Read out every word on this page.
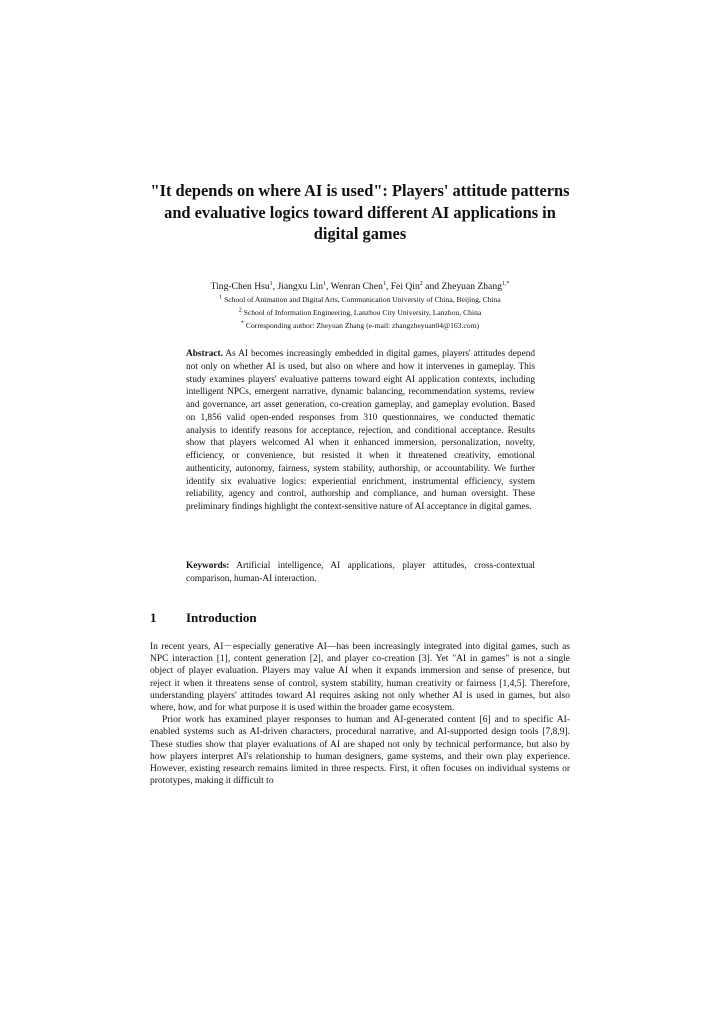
"It depends on where AI is used": Players' attitude patterns and evaluative logics toward different AI applications in digital games
Ting-Chen Hsu$^1$, Jiangxu Lin$^1$, Wenran Chen$^1$, Fei Qin$^2$ and Zheyuan Zhang$^{1,*}$
$^1$ School of Animation and Digital Arts, Communication University of China, Beijing, China
$^2$ School of Information Engineering, Lanzhou City University, Lanzhou, China
* Corresponding author: Zheyuan Zhang (e-mail: zhangzheyuan04@163.com)
Abstract. As AI becomes increasingly embedded in digital games, players' attitudes depend not only on whether AI is used, but also on where and how it intervenes in gameplay. This study examines players' evaluative patterns toward eight AI application contexts, including intelligent NPCs, emergent narrative, dynamic balancing, recommendation systems, review and governance, art asset generation, co-creation gameplay, and gameplay evolution. Based on 1,856 valid open-ended responses from 310 questionnaires, we conducted thematic analysis to identify reasons for acceptance, rejection, and conditional acceptance. Results show that players welcomed AI when it enhanced immersion, personalization, novelty, efficiency, or convenience, but resisted it when it threatened creativity, emotional authenticity, autonomy, fairness, system stability, authorship, or accountability. We further identify six evaluative logics: experiential enrichment, instrumental efficiency, system reliability, agency and control, authorship and compliance, and human oversight. These preliminary findings highlight the context-sensitive nature of AI acceptance in digital games.
Keywords: Artificial intelligence, AI applications, player attitudes, cross-contextual comparison, human-AI interaction.
1 Introduction

In recent years, AI－especially generative AI—has been increasingly integrated into digital games, such as NPC interaction [1], content generation [2], and player co-creation [3]. Yet "AI in games" is not a single object of player evaluation. Players may value AI when it expands immersion and sense of presence, but reject it when it threatens sense of control, system stability, human creativity or fairness [1,4,5]. Therefore, understanding players' attitudes toward AI requires asking not only whether AI is used in games, but also where, how, and for what purpose it is used within the broader game ecosystem.

Prior work has examined player responses to human and AI-generated content [6] and to specific AI-enabled systems such as AI-driven characters, procedural narrative, and AI-supported design tools [7,8,9]. These studies show that player evaluations of AI are shaped not only by technical performance, but also by how players interpret AI's relationship to human designers, game systems, and their own play experience. However, existing research remains limited in three respects. First, it often focuses on individual systems or prototypes, making it difficult to
